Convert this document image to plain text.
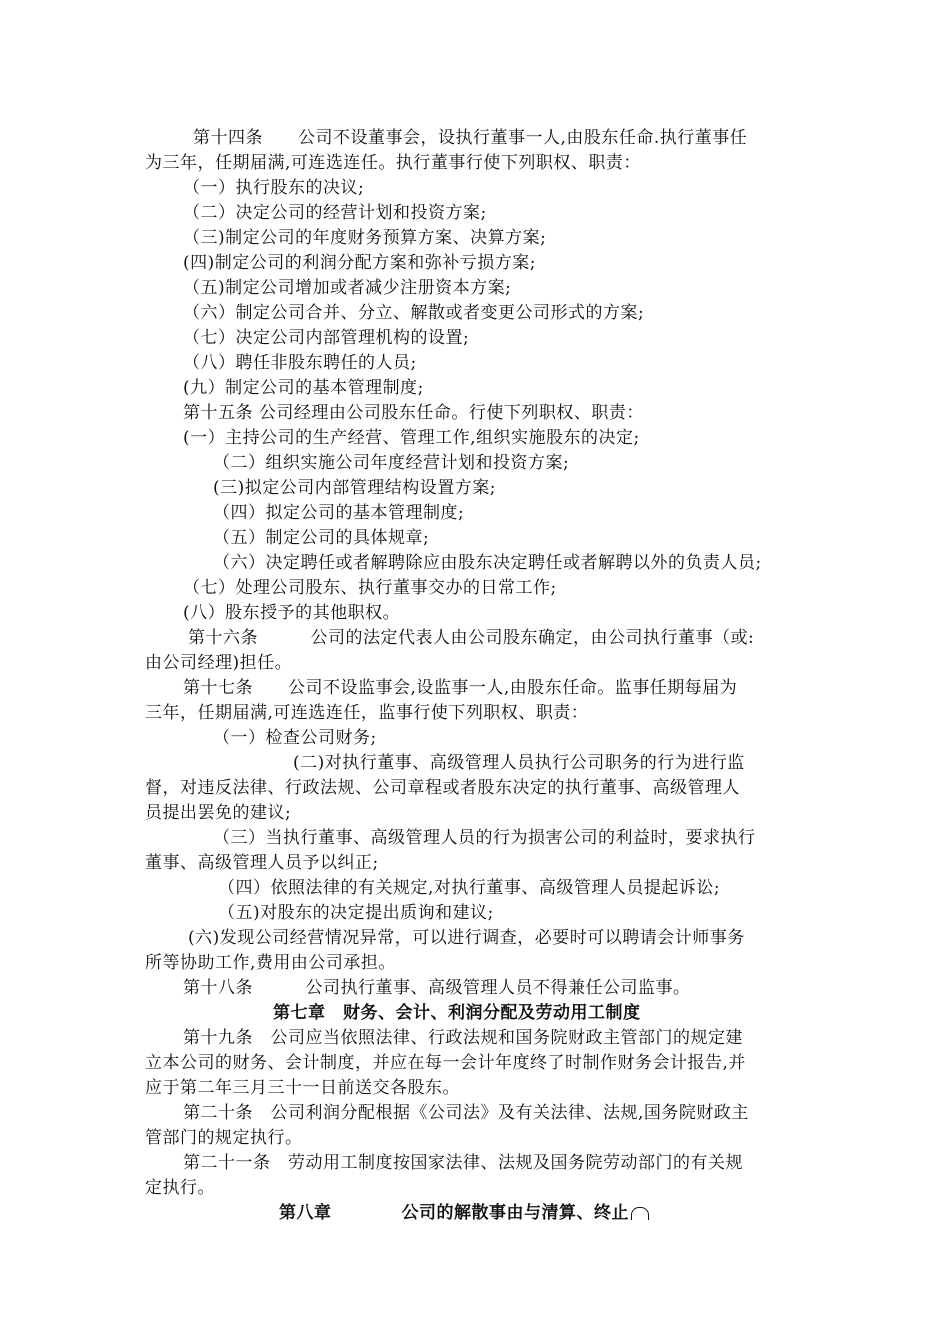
第十四条　　公司不设董事会，设执行董事一人,由股东任命.执行董事任
为三年，任期届满,可连选连任。执行董事行使下列职权、职责：
（一）执行股东的决议;
（二）决定公司的经营计划和投资方案;
（三)制定公司的年度财务预算方案、决算方案;
(四)制定公司的利润分配方案和弥补亏损方案;
（五)制定公司增加或者减少注册资本方案;
（六）制定公司合并、分立、解散或者变更公司形式的方案;
（七）决定公司内部管理机构的设置;
（八）聘任非股东聘任的人员;
(九）制定公司的基本管理制度;
第十五条 公司经理由公司股东任命。行使下列职权、职责：
(一）主持公司的生产经营、管理工作,组织实施股东的决定;
（二）组织实施公司年度经营计划和投资方案;
(三)拟定公司内部管理结构设置方案;
（四）拟定公司的基本管理制度;
（五）制定公司的具体规章;
（六）决定聘任或者解聘除应由股东决定聘任或者解聘以外的负责人员;
（七）处理公司股东、执行董事交办的日常工作;
(八）股东授予的其他职权。
第十六条　　　公司的法定代表人由公司股东确定，由公司执行董事（或:
由公司经理)担任。
第十七条　　公司不设监事会,设监事一人,由股东任命。监事任期每届为
三年，任期届满,可连选连任，监事行使下列职权、职责：
（一）检查公司财务;
(二)对执行董事、高级管理人员执行公司职务的行为进行监
督，对违反法律、行政法规、公司章程或者股东决定的执行董事、高级管理人
员提出罢免的建议;
（三）当执行董事、高级管理人员的行为损害公司的利益时，要求执行
董事、高级管理人员予以纠正;
（四）依照法律的有关规定,对执行董事、高级管理人员提起诉讼;
（五)对股东的决定提出质询和建议;
(六)发现公司经营情况异常，可以进行调查，必要时可以聘请会计师事务
所等协助工作,费用由公司承担。
第十八条　　　公司执行董事、高级管理人员不得兼任公司监事。
第七章　财务、会计、利润分配及劳动用工制度
第十九条　公司应当依照法律、行政法规和国务院财政主管部门的规定建
立本公司的财务、会计制度，并应在每一会计年度终了时制作财务会计报告,并
应于第二年三月三十一日前送交各股东。
第二十条　公司利润分配根据《公司法》及有关法律、法规,国务院财政主
管部门的规定执行。
第二十一条　劳动用工制度按国家法律、法规及国务院劳动部门的有关规
定执行。
第八章　　　　公司的解散事由与清算、终止
